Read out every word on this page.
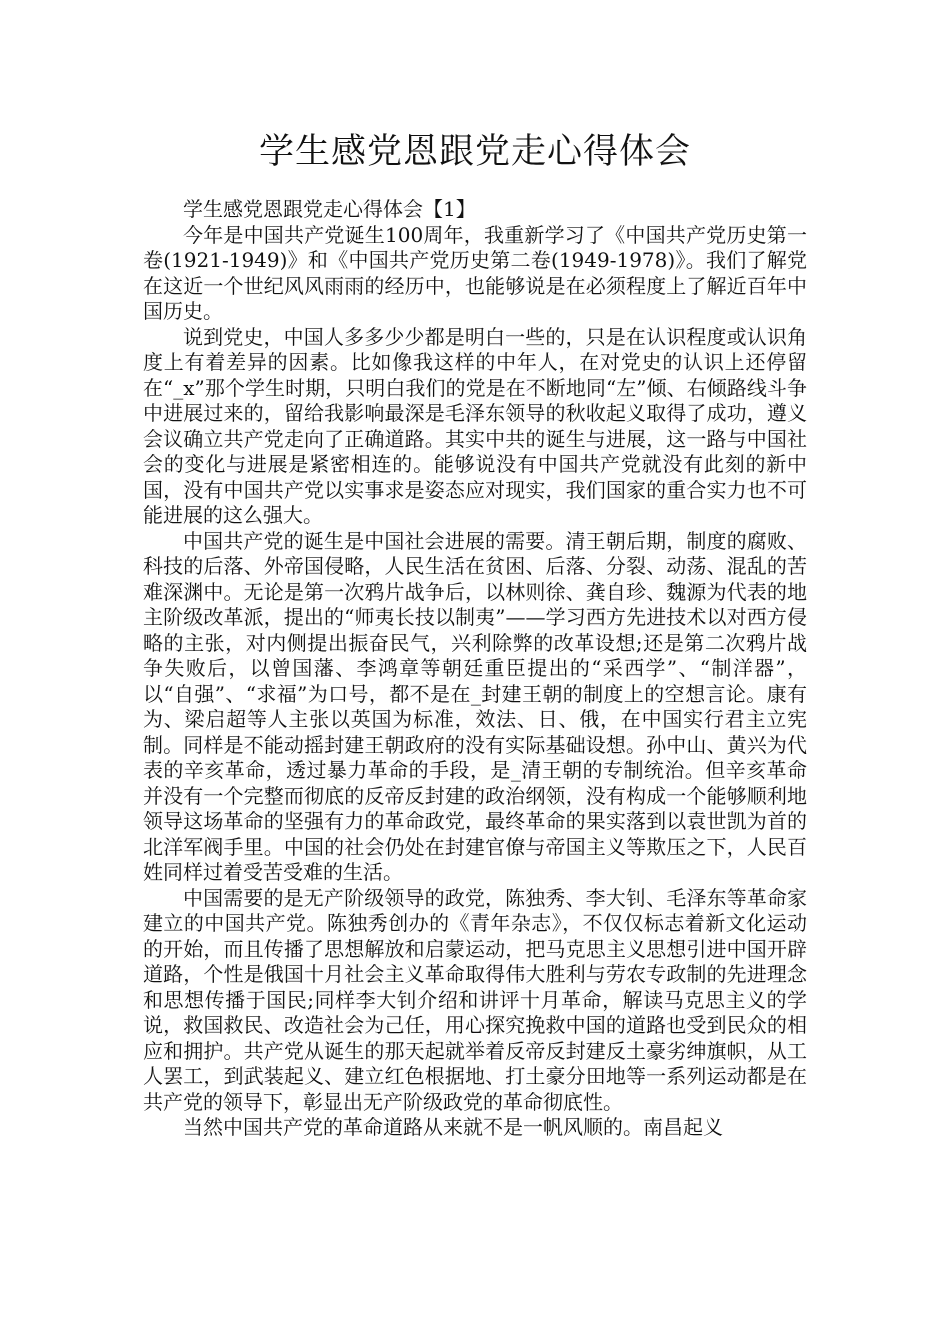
学生感党恩跟党走心得体会

学生感党恩跟党走心得体会【1】

今年是中国共产党诞生100周年，我重新学习了《中国共产党历史第一卷(1921-1949)》和《中国共产党历史第二卷(1949-1978)》。我们了解党在这近一个世纪风风雨雨的经历中，也能够说是在必须程度上了解近百年中国历史。

说到党史，中国人多多少少都是明白一些的，只是在认识程度或认识角度上有着差异的因素。比如像我这样的中年人，在对党史的认识上还停留在“_x”那个学生时期，只明白我们的党是在不断地同“左”倾、右倾路线斗争中进展过来的，留给我影响最深是毛泽东领导的秋收起义取得了成功，遵义会议确立共产党走向了正确道路。其实中共的诞生与进展，这一路与中国社会的变化与进展是紧密相连的。能够说没有中国共产党就没有此刻的新中国，没有中国共产党以实事求是姿态应对现实，我们国家的重合实力也不可能进展的这么强大。

中国共产党的诞生是中国社会进展的需要。清王朝后期，制度的腐败、科技的后落、外帝国侵略，人民生活在贫困、后落、分裂、动荡、混乱的苦难深渊中。无论是第一次鸦片战争后，以林则徐、龚自珍、魏源为代表的地主阶级改革派，提出的“师夷长技以制夷”——学习西方先进技术以对西方侵略的主张，对内侧提出振奋民气，兴利除弊的改革设想;还是第二次鸦片战争失败后，以曾国藩、李鸿章等朝廷重臣提出的“采西学”、“制洋器”，以“自强”、“求福”为口号，都不是在_封建王朝的制度上的空想言论。康有为、梁启超等人主张以英国为标准，效法、日、俄，在中国实行君主立宪制。同样是不能动摇封建王朝政府的没有实际基础设想。孙中山、黄兴为代表的辛亥革命，透过暴力革命的手段，是_清王朝的专制统治。但辛亥革命并没有一个完整而彻底的反帝反封建的政治纲领，没有构成一个能够顺利地领导这场革命的坚强有力的革命政党，最终革命的果实落到以袁世凯为首的北洋军阀手里。中国的社会仍处在封建官僚与帝国主义等欺压之下，人民百姓同样过着受苦受难的生活。

中国需要的是无产阶级领导的政党，陈独秀、李大钊、毛泽东等革命家建立的中国共产党。陈独秀创办的《青年杂志》，不仅仅标志着新文化运动的开始，而且传播了思想解放和启蒙运动，把马克思主义思想引进中国开辟道路，个性是俄国十月社会主义革命取得伟大胜利与劳农专政制的先进理念和思想传播于国民;同样李大钊介绍和讲评十月革命，解读马克思主义的学说，救国救民、改造社会为己任，用心探究挽救中国的道路也受到民众的相应和拥护。共产党从诞生的那天起就举着反帝反封建反土豪劣绅旗帜，从工人罢工，到武装起义、建立红色根据地、打土豪分田地等一系列运动都是在共产党的领导下，彰显出无产阶级政党的革命彻底性。

当然中国共产党的革命道路从来就不是一帆风顺的。南昌起义
